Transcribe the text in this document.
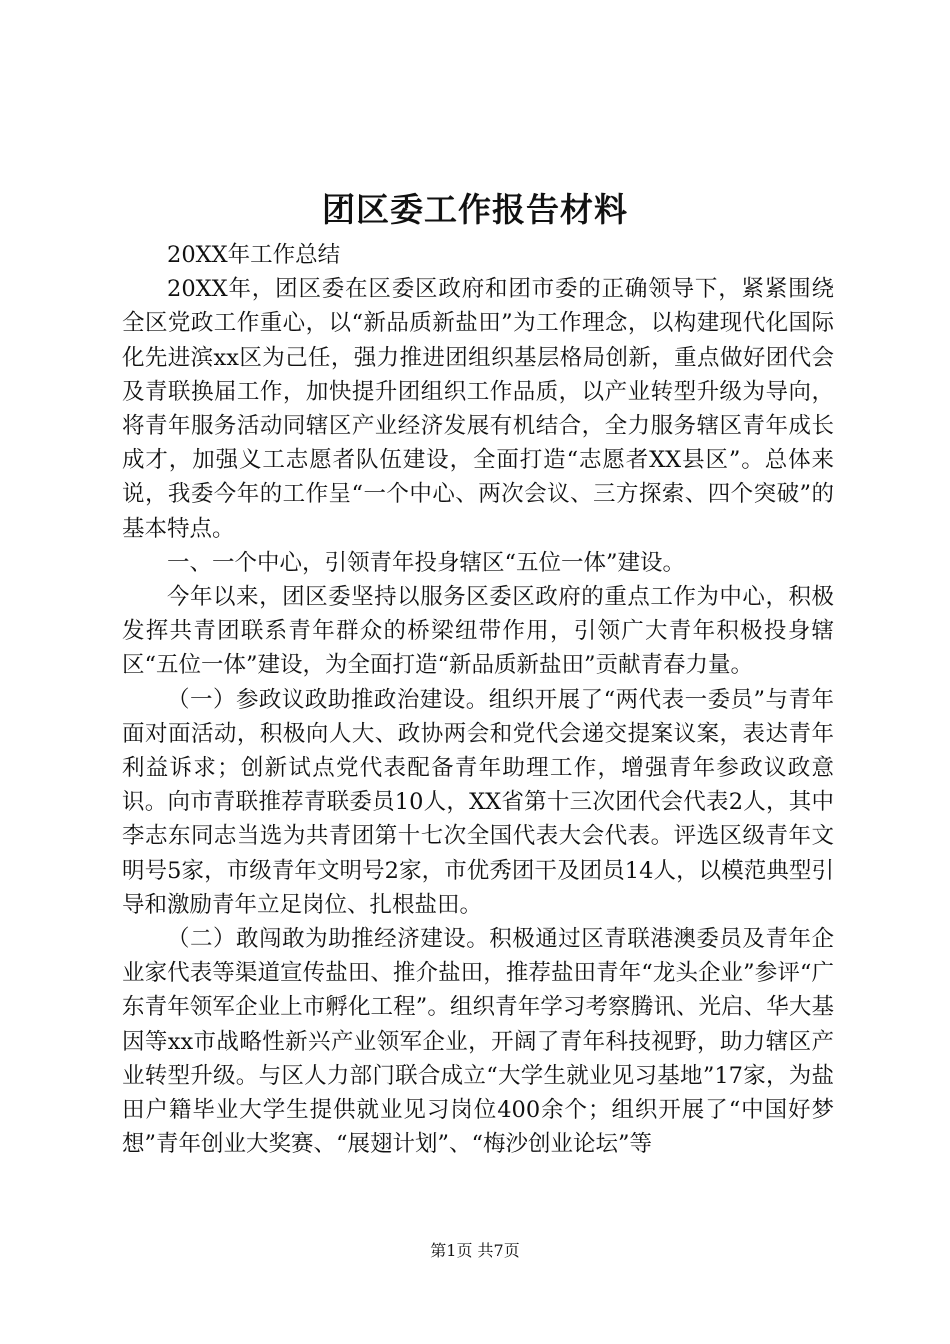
团区委工作报告材料

20XX年工作总结

20XX年，团区委在区委区政府和团市委的正确领导下，紧紧围绕全区党政工作重心，以“新品质新盐田”为工作理念，以构建现代化国际化先进滨xx区为己任，强力推进团组织基层格局创新，重点做好团代会及青联换届工作，加快提升团组织工作品质，以产业转型升级为导向，将青年服务活动同辖区产业经济发展有机结合，全力服务辖区青年成长成才，加强义工志愿者队伍建设，全面打造“志愿者XX县区”。总体来说，我委今年的工作呈“一个中心、两次会议、三方探索、四个突破”的基本特点。

一、一个中心，引领青年投身辖区“五位一体”建设。

今年以来，团区委坚持以服务区委区政府的重点工作为中心，积极发挥共青团联系青年群众的桥梁纽带作用，引领广大青年积极投身辖区“五位一体”建设，为全面打造“新品质新盐田”贡献青春力量。

（一）参政议政助推政治建设。组织开展了“两代表一委员”与青年面对面活动，积极向人大、政协两会和党代会递交提案议案，表达青年利益诉求；创新试点党代表配备青年助理工作，增强青年参政议政意识。向市青联推荐青联委员10人，XX省第十三次团代会代表2人，其中李志东同志当选为共青团第十七次全国代表大会代表。评选区级青年文明号5家，市级青年文明号2家，市优秀团干及团员14人，以模范典型引导和激励青年立足岗位、扎根盐田。

（二）敢闯敢为助推经济建设。积极通过区青联港澳委员及青年企业家代表等渠道宣传盐田、推介盐田，推荐盐田青年“龙头企业”参评“广东青年领军企业上市孵化工程”。组织青年学习考察腾讯、光启、华大基因等xx市战略性新兴产业领军企业，开阔了青年科技视野，助力辖区产业转型升级。与区人力部门联合成立“大学生就业见习基地”17家，为盐田户籍毕业大学生提供就业见习岗位400余个；组织开展了“中国好梦想”青年创业大奖赛、“展翅计划”、“梅沙创业论坛”等

第1页 共7页
